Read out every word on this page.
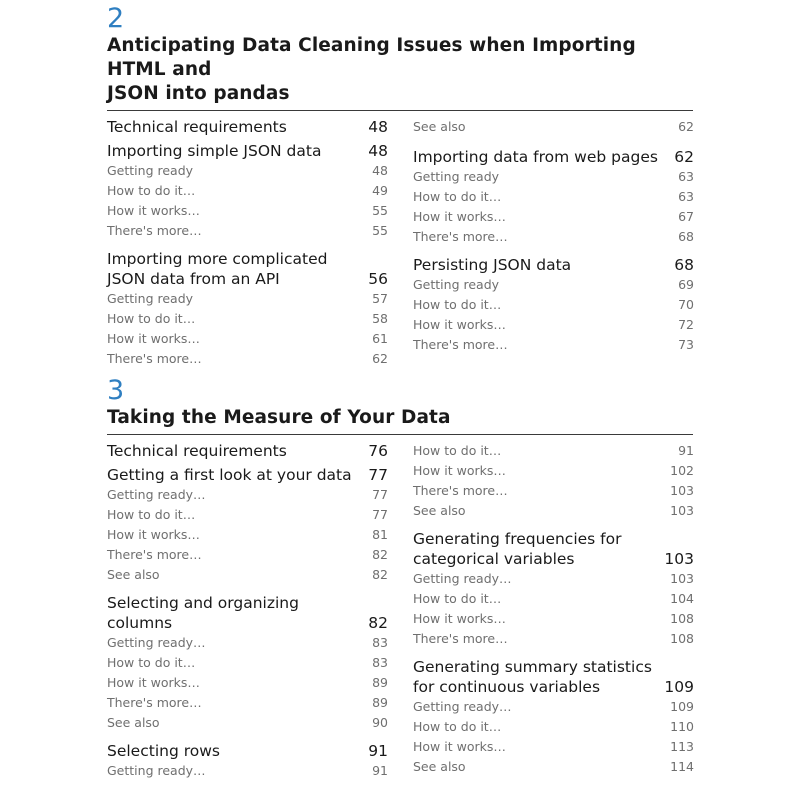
2
Anticipating Data Cleaning Issues when Importing HTML and
JSON into pandas
Technical requirements	48
Importing simple JSON data	48
Getting ready	48
How to do it…	49
How it works…	55
There's more…	55
Importing more complicated
JSON data from an API	56
Getting ready	57
How to do it…	58
How it works…	61
There's more…	62
See also	62
Importing data from web pages 62
Getting ready	63
How to do it…	63
How it works…	67
There's more…	68
Persisting JSON data	68
Getting ready	69
How to do it…	70
How it works…	72
There's more…	73
3
Taking the Measure of Your Data
Technical requirements	76
Getting a first look at your data 77
Getting ready…	77
How to do it…	77
How it works…	81
There's more…	82
See also	82
Selecting and organizing columns	82
Getting ready…	83
How to do it…	83
How it works…	89
There's more…	89
See also	90
Selecting rows	91
Getting ready…	91
How to do it…	91
How it works…	102
There's more…	103
See also	103
Generating frequencies for
categorical variables	103
Getting ready…	103
How to do it…	104
How it works…	108
There's more…	108
Generating summary statistics
for continuous variables	109
Getting ready…	109
How to do it…	110
How it works…	113
See also	114
